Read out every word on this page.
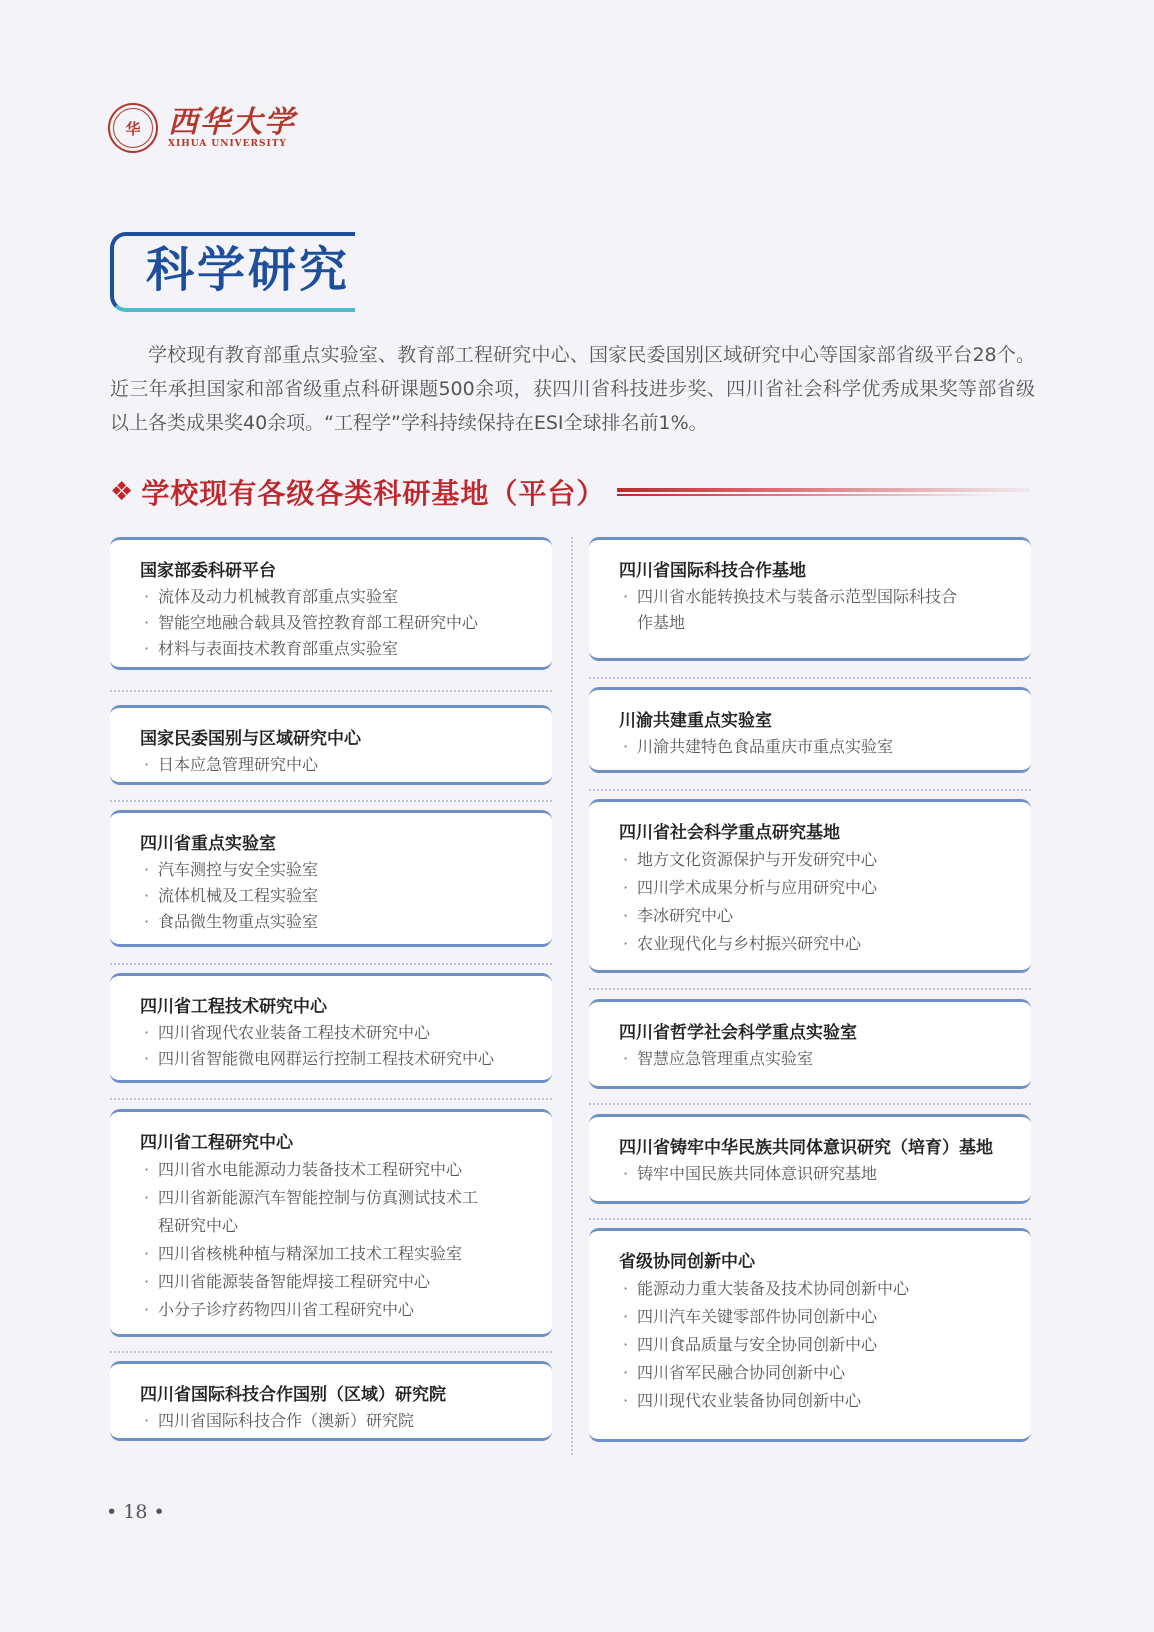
华 西华大学
XIHUA UNIVERSITY
科学研究
学校现有教育部重点实验室、教育部工程研究中心、国家民委国别区域研究中心等国家部省级平台28个。近三年承担国家和部省级重点科研课题500余项，获四川省科技进步奖、四川省社会科学优秀成果奖等部省级以上各类成果奖40余项。“工程学”学科持续保持在ESI全球排名前1%。
❖ 学校现有各级各类科研基地（平台）
国家部委科研平台
· 流体及动力机械教育部重点实验室
· 智能空地融合载具及管控教育部工程研究中心
· 材料与表面技术教育部重点实验室
国家民委国别与区域研究中心
· 日本应急管理研究中心
四川省重点实验室
· 汽车测控与安全实验室
· 流体机械及工程实验室
· 食品微生物重点实验室
四川省工程技术研究中心
· 四川省现代农业装备工程技术研究中心
· 四川省智能微电网群运行控制工程技术研究中心
四川省工程研究中心
· 四川省水电能源动力装备技术工程研究中心
· 四川省新能源汽车智能控制与仿真测试技术工程研究中心
· 四川省核桃种植与精深加工技术工程实验室
· 四川省能源装备智能焊接工程研究中心
· 小分子诊疗药物四川省工程研究中心
四川省国际科技合作国别（区域）研究院
· 四川省国际科技合作（澳新）研究院
四川省国际科技合作基地
· 四川省水能转换技术与装备示范型国际科技合作基地
川渝共建重点实验室
· 川渝共建特色食品重庆市重点实验室
四川省社会科学重点研究基地
· 地方文化资源保护与开发研究中心
· 四川学术成果分析与应用研究中心
· 李冰研究中心
· 农业现代化与乡村振兴研究中心
四川省哲学社会科学重点实验室
· 智慧应急管理重点实验室
四川省铸牢中华民族共同体意识研究（培育）基地
· 铸牢中国民族共同体意识研究基地
省级协同创新中心
· 能源动力重大装备及技术协同创新中心
· 四川汽车关键零部件协同创新中心
· 四川食品质量与安全协同创新中心
· 四川省军民融合协同创新中心
· 四川现代农业装备协同创新中心
• 18 •
